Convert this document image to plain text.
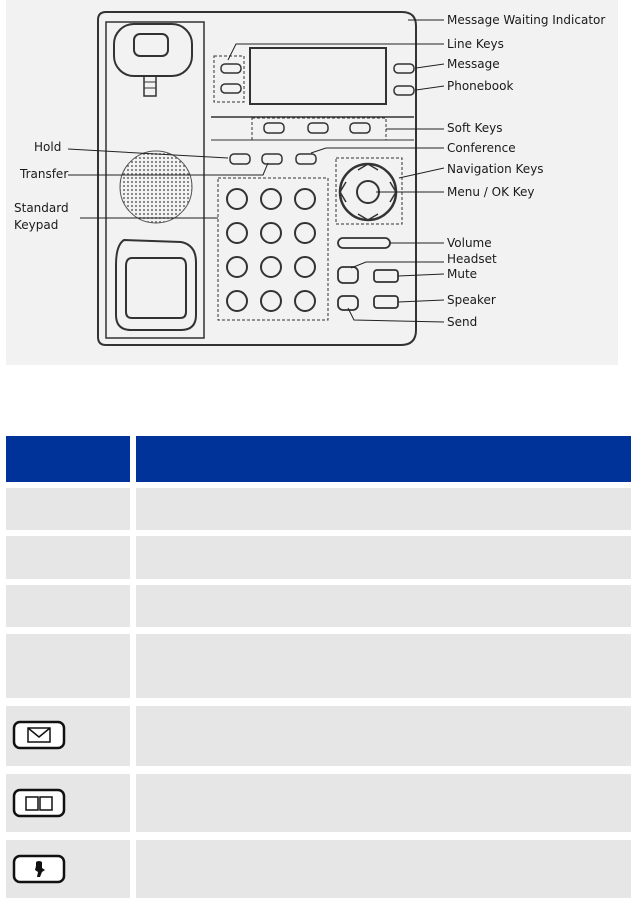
Message Waiting Indicator
Line Keys
Message
Phonebook
Soft Keys
Hold	Conference
Transfer	Navigation Keys
Menu / OK Key
Standard
Keypad
Volume
Headset
Mute
Speaker
Send
